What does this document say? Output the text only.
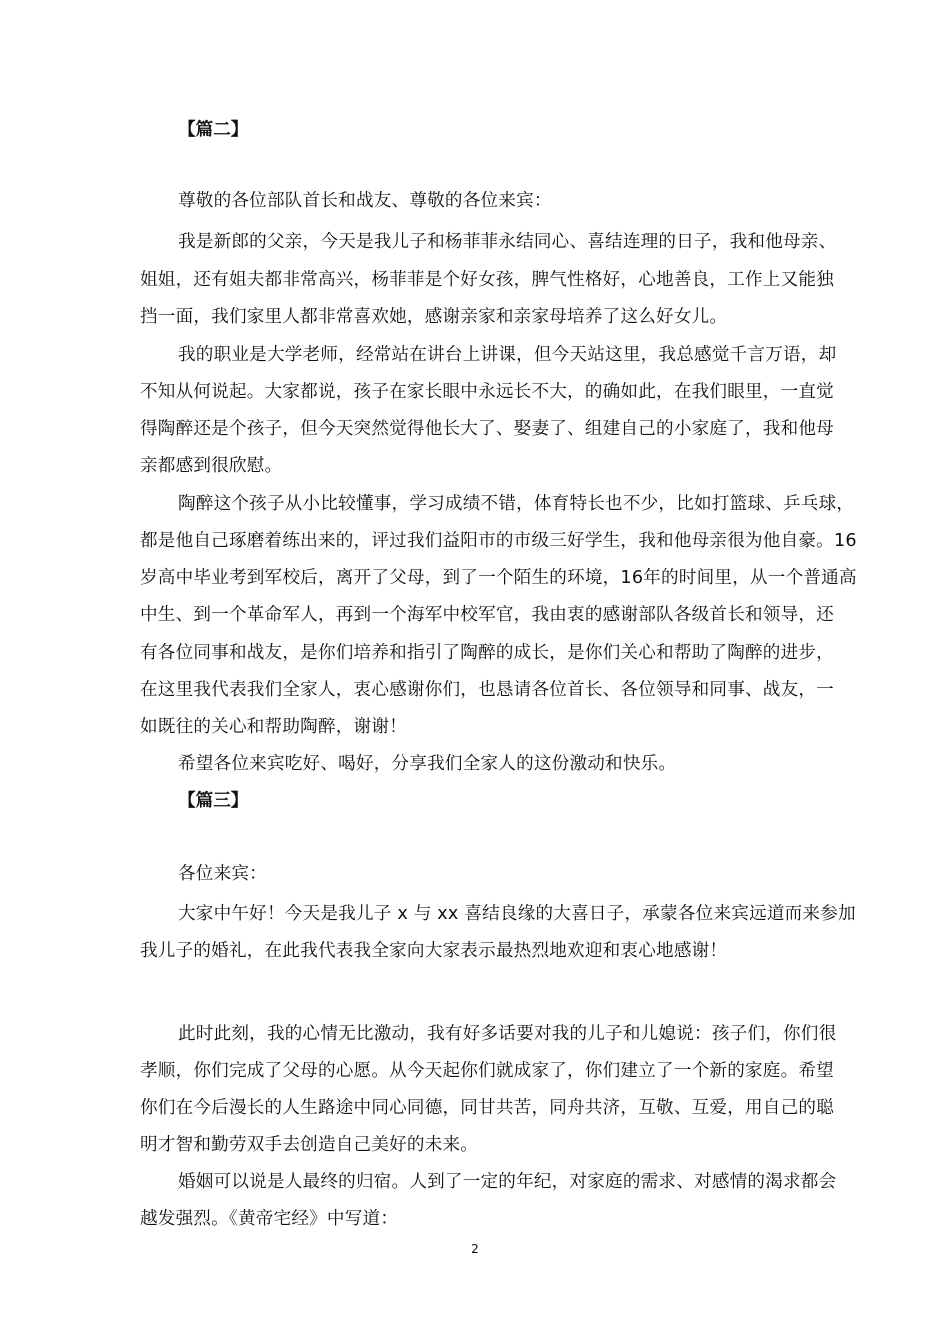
【篇二】
尊敬的各位部队首长和战友、尊敬的各位来宾：
我是新郎的父亲，今天是我儿子和杨菲菲永结同心、喜结连理的日子，我和他母亲、
姐姐，还有姐夫都非常高兴，杨菲菲是个好女孩，脾气性格好，心地善良，工作上又能独
挡一面，我们家里人都非常喜欢她，感谢亲家和亲家母培养了这么好女儿。
我的职业是大学老师，经常站在讲台上讲课，但今天站这里，我总感觉千言万语，却
不知从何说起。大家都说，孩子在家长眼中永远长不大，的确如此，在我们眼里，一直觉
得陶醉还是个孩子，但今天突然觉得他长大了、娶妻了、组建自己的小家庭了，我和他母
亲都感到很欣慰。
陶醉这个孩子从小比较懂事，学习成绩不错，体育特长也不少，比如打篮球、乒乓球，
都是他自己琢磨着练出来的，评过我们益阳市的市级三好学生，我和他母亲很为他自豪。16
岁高中毕业考到军校后，离开了父母，到了一个陌生的环境，16年的时间里，从一个普通高
中生、到一个革命军人，再到一个海军中校军官，我由衷的感谢部队各级首长和领导，还
有各位同事和战友，是你们培养和指引了陶醉的成长，是你们关心和帮助了陶醉的进步，
在这里我代表我们全家人，衷心感谢你们，也恳请各位首长、各位领导和同事、战友，一
如既往的关心和帮助陶醉，谢谢！
希望各位来宾吃好、喝好，分享我们全家人的这份激动和快乐。
【篇三】
各位来宾：
大家中午好！今天是我儿子 x 与 xx 喜结良缘的大喜日子，承蒙各位来宾远道而来参加
我儿子的婚礼，在此我代表我全家向大家表示最热烈地欢迎和衷心地感谢！
此时此刻，我的心情无比激动，我有好多话要对我的儿子和儿媳说：孩子们，你们很
孝顺，你们完成了父母的心愿。从今天起你们就成家了，你们建立了一个新的家庭。希望
你们在今后漫长的人生路途中同心同德，同甘共苦，同舟共济，互敬、互爱，用自己的聪
明才智和勤劳双手去创造自己美好的未来。
婚姻可以说是人最终的归宿。人到了一定的年纪，对家庭的需求、对感情的渴求都会
越发强烈。《黄帝宅经》中写道：
2
